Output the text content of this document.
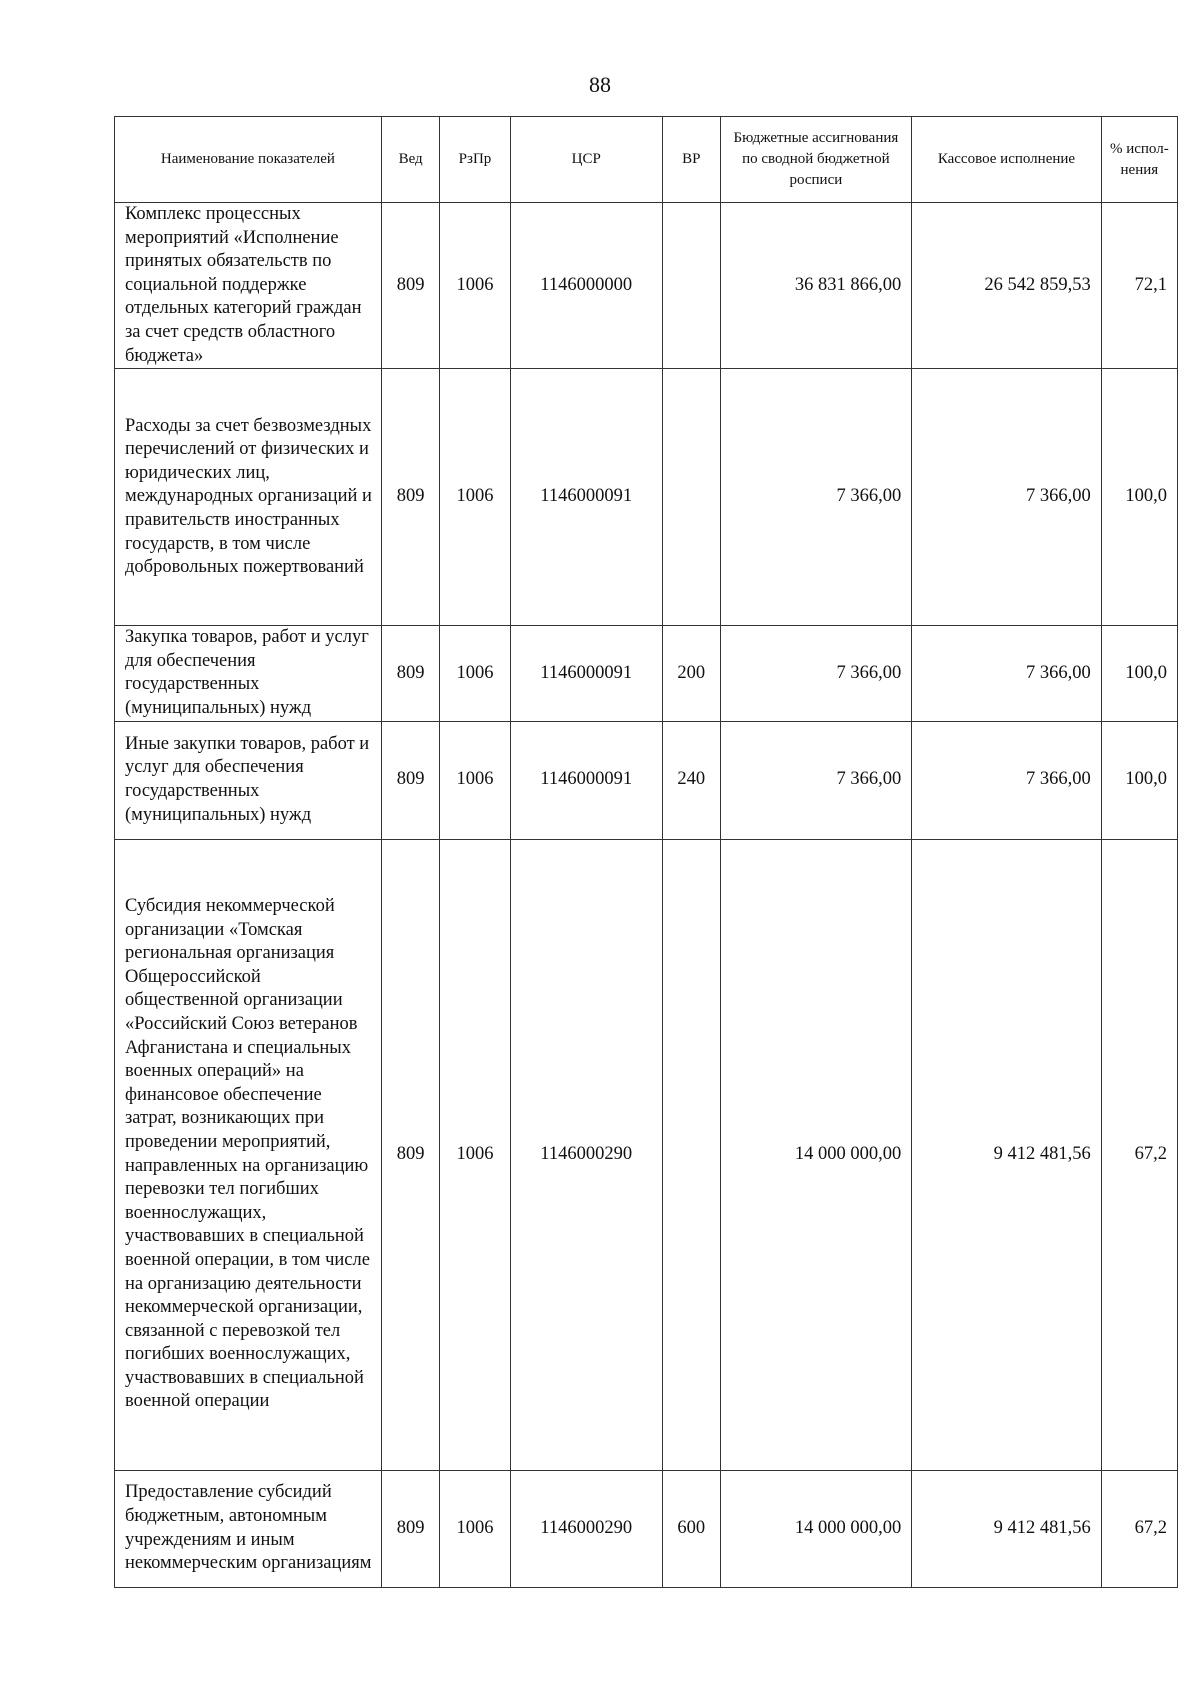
88
Наименование показателей	Вед	РзПр	ЦСР	ВР	Бюджетные ассигнования по сводной бюджетной росписи	Кассовое исполнение	% испол-нения
Комплекс процессных мероприятий «Исполнение принятых обязательств по социальной поддержке отдельных категорий граждан за счет средств областного бюджета»	809	1006	1146000000		36 831 866,00	26 542 859,53	72,1
Расходы за счет безвозмездных перечислений от физических и юридических лиц, международных организаций и правительств иностранных государств, в том числе добровольных пожертвований	809	1006	1146000091		7 366,00	7 366,00	100,0
Закупка товаров, работ и услуг для обеспечения государственных (муниципальных) нужд	809	1006	1146000091	200	7 366,00	7 366,00	100,0
Иные закупки товаров, работ и услуг для обеспечения государственных (муниципальных) нужд	809	1006	1146000091	240	7 366,00	7 366,00	100,0
Субсидия некоммерческой организации «Томская региональная организация Общероссийской общественной организации «Российский Союз ветеранов Афганистана и специальных военных операций» на финансовое обеспечение затрат, возникающих при проведении мероприятий, направленных на организацию перевозки тел погибших военнослужащих, участвовавших в специальной военной операции, в том числе на организацию деятельности некоммерческой организации, связанной с перевозкой тел погибших военнослужащих, участвовавших в специальной военной операции	809	1006	1146000290		14 000 000,00	9 412 481,56	67,2
Предоставление субсидий бюджетным, автономным учреждениям и иным некоммерческим организациям	809	1006	1146000290	600	14 000 000,00	9 412 481,56	67,2
